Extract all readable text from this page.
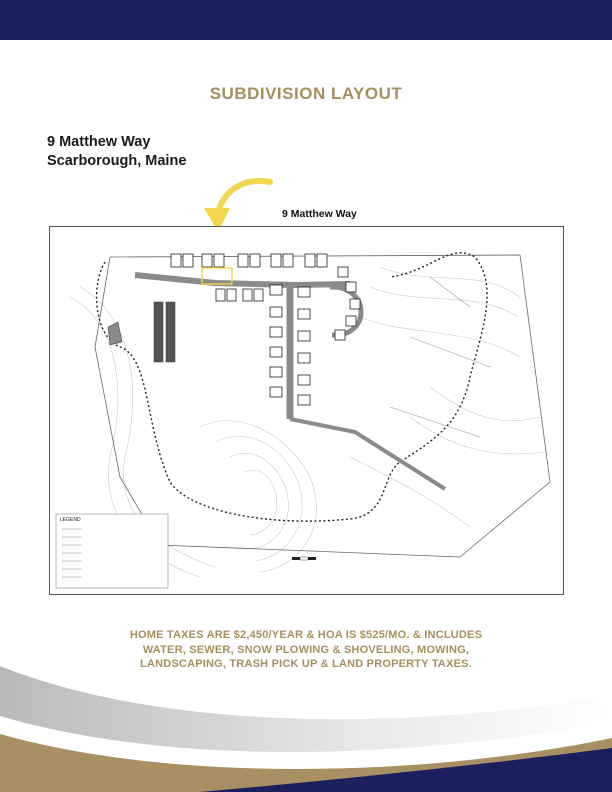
SUBDIVISION LAYOUT
9 Matthew Way
Scarborough, Maine
9 Matthew Way
LEGEND
HOME TAXES ARE $2,450/YEAR & HOA IS $525/MO. & INCLUDES
WATER, SEWER, SNOW PLOWING & SHOVELING, MOWING,
LANDSCAPING, TRASH PICK UP & LAND PROPERTY TAXES.
